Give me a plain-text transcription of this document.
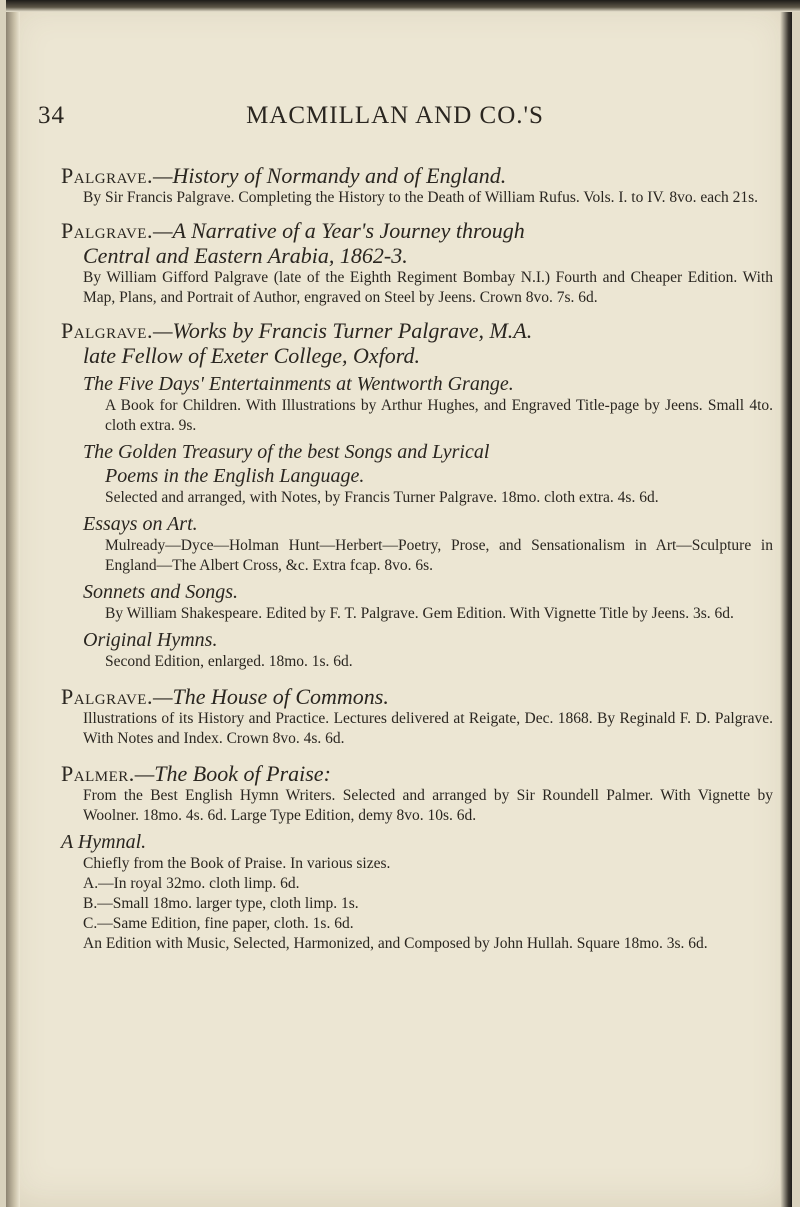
34	MACMILLAN AND CO.'S
Palgrave.—History of Normandy and of England.
By Sir Francis Palgrave. Completing the History to the Death of William Rufus. Vols. I. to IV. 8vo. each 21s.
Palgrave.—A Narrative of a Year's Journey through
Central and Eastern Arabia, 1862-3.
By William Gifford Palgrave (late of the Eighth Regiment Bombay N.I.) Fourth and Cheaper Edition. With Map, Plans, and Portrait of Author, engraved on Steel by Jeens. Crown 8vo. 7s. 6d.
Palgrave.—Works by Francis Turner Palgrave, M.A.
late Fellow of Exeter College, Oxford.
The Five Days' Entertainments at Wentworth Grange.
A Book for Children. With Illustrations by Arthur Hughes, and Engraved Title-page by Jeens. Small 4to. cloth extra. 9s.
The Golden Treasury of the best Songs and Lyrical
Poems in the English Language.
Selected and arranged, with Notes, by Francis Turner Palgrave. 18mo. cloth extra. 4s. 6d.
Essays on Art.
Mulready—Dyce—Holman Hunt—Herbert—Poetry, Prose, and Sensationalism in Art—Sculpture in England—The Albert Cross, &c. Extra fcap. 8vo. 6s.
Sonnets and Songs.
By William Shakespeare. Edited by F. T. Palgrave. Gem Edition. With Vignette Title by Jeens. 3s. 6d.
Original Hymns.
Second Edition, enlarged. 18mo. 1s. 6d.
Palgrave.—The House of Commons.
Illustrations of its History and Practice. Lectures delivered at Reigate, Dec. 1868. By Reginald F. D. Palgrave. With Notes and Index. Crown 8vo. 4s. 6d.
Palmer.—The Book of Praise:
From the Best English Hymn Writers. Selected and arranged by Sir Roundell Palmer. With Vignette by Woolner. 18mo. 4s. 6d. Large Type Edition, demy 8vo. 10s. 6d.
A Hymnal.
Chiefly from the Book of Praise. In various sizes.
A.—In royal 32mo. cloth limp. 6d.
B.—Small 18mo. larger type, cloth limp. 1s.
C.—Same Edition, fine paper, cloth. 1s. 6d.
An Edition with Music, Selected, Harmonized, and Composed by John Hullah. Square 18mo. 3s. 6d.
